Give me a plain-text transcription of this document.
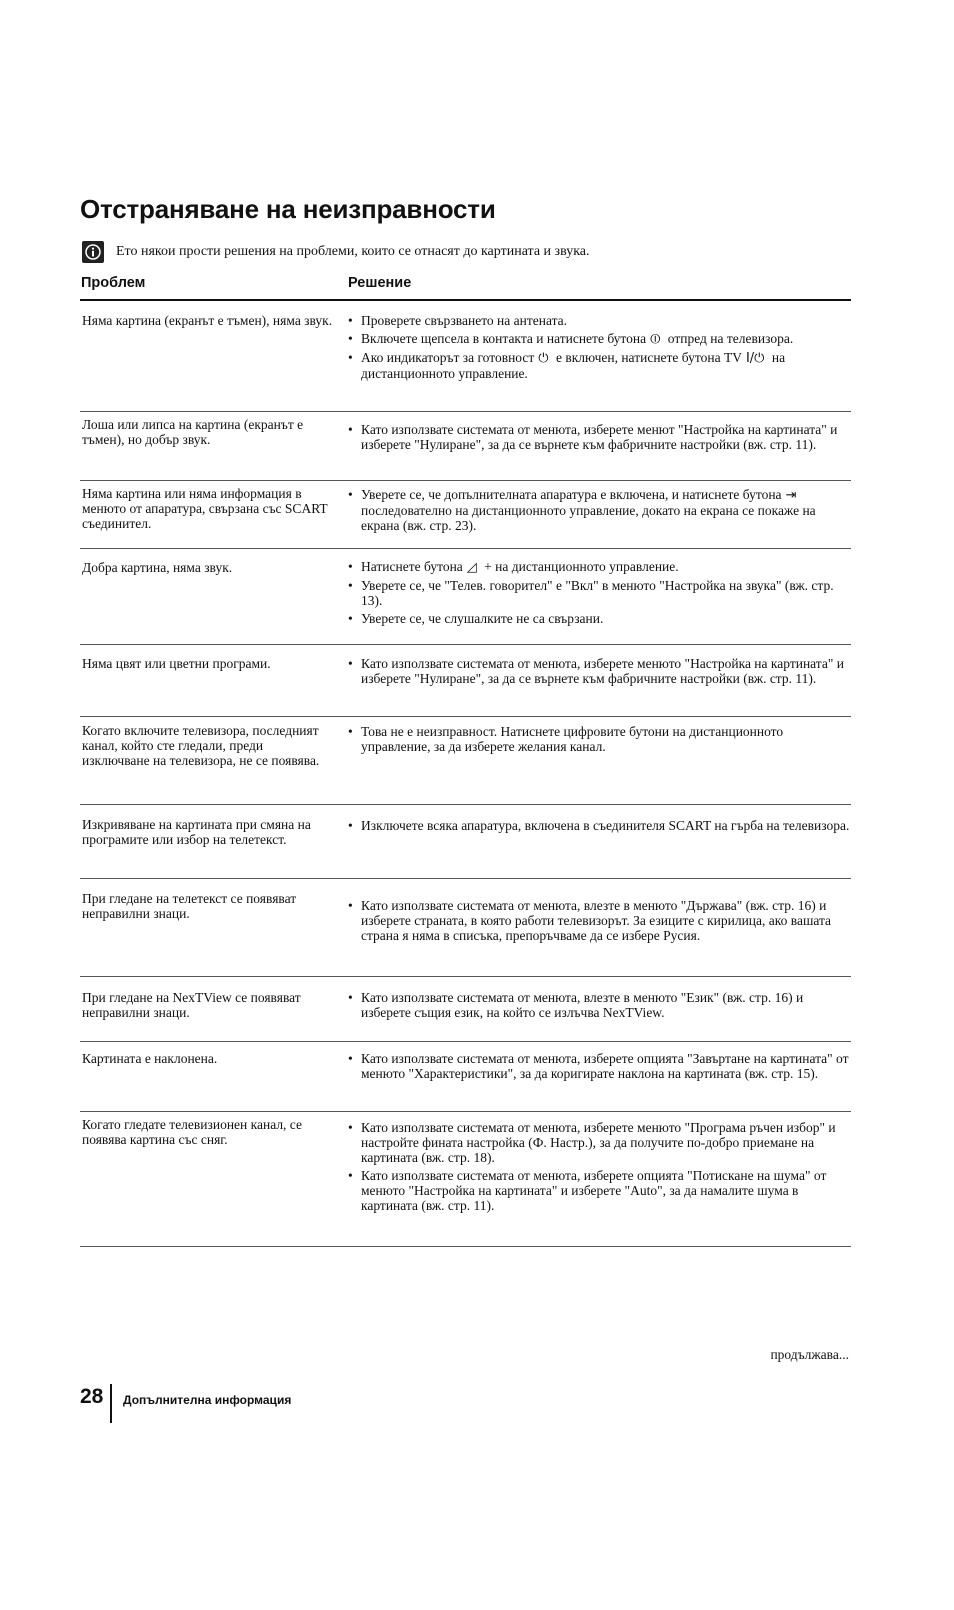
Отстраняване на неизправности
Ето някои прости решения на проблеми, които се отнасят до картината и звука.
Проблем	Решение
Няма картина (екранът е тъмен), няма звук. • Проверете свързването на антената.
• Включете щепсела в контакта и натиснете бутона ⏼ отпред на телевизора.
• Ако индикаторът за готовност ⏻ е включен, натиснете бутона TV I/⏻ на дистанционното управление.
Лоша или липса на картина (екранът е тъмен), но добър звук.
• Като използвате системата от менюта, изберете менют "Настройка на картината" и изберете "Нулиране", за да се върнете към фабричните настройки (вж. стр. 11).
Няма картина или няма информация в менюто от апаратура, свързана със SCART съединител.
• Уверете се, че допълнителната апаратура е включена, и натиснете бутона ⇥ последователно на дистанционното управление, докато на екрана се покаже на екрана (вж. стр. 23).
Добра картина, няма звук.	• Натиснете бутона ◿ + на дистанционното управление.
• Уверете се, че "Телев. говорител" е "Вкл" в менюто "Настройка на звука" (вж. стр. 13).
• Уверете се, че слушалките не са свързани.
Няма цвят или цветни програми.	• Като използвате системата от менюта, изберете менюто "Настройка на картината" и изберете "Нулиране", за да се върнете към фабричните настройки (вж. стр. 11).
Когато включите телевизора, последният канал, който сте гледали, преди изключване на телевизора, не се появява.
• Това не е неизправност. Натиснете цифровите бутони на дистанционното управление, за да изберете желания канал.
Изкривяване на картината при смяна на програмите или избор на телетекст.
• Изключете всяка апаратура, включена в съединителя SCART на гърба на телевизора.
При гледане на телетекст се появяват неправилни знаци.
• Като използвате системата от менюта, влезте в менюто "Държава" (вж. стр. 16) и изберете страната, в която работи телевизорът. За езиците с кирилица, ако вашата страна я няма в списъка, препоръчваме да се избере Русия.
При гледане на NexTView се появяват неправилни знаци.
• Като използвате системата от менюта, влезте в менюто "Език" (вж. стр. 16) и изберете същия език, на който се излъчва NexTView.
Картината е наклонена.	• Като използвате системата от менюта, изберете опцията "Завъртане на картината" от менюто "Характеристики", за да коригирате наклона на картината (вж. стр. 15).
Когато гледате телевизионен канал, се появява картина със сняг.
• Като използвате системата от менюта, изберете менюто "Програма ръчен избор" и настройте фината настройка (Ф. Настр.), за да получите по-добро приемане на картината (вж. стр. 18).
• Като използвате системата от менюта, изберете опцията "Потискане на шума" от менюто "Настройка на картината" и изберете "Auto", за да намалите шума в картината (вж. стр. 11).
продължава...
28 Допълнителна информация
